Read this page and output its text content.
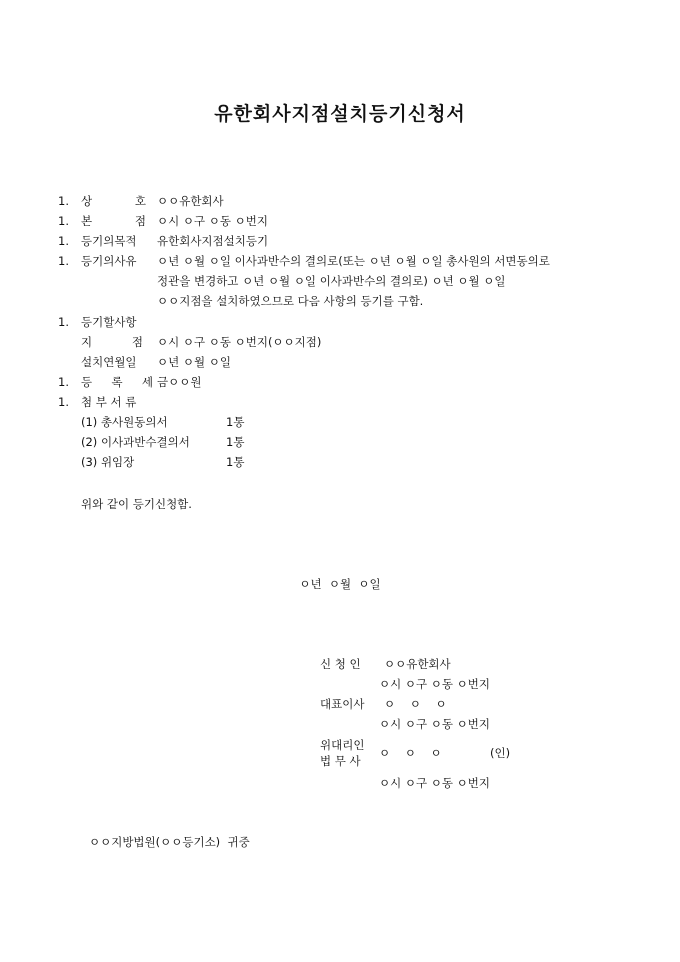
유한회사지점설치등기신청서
1. 상 호 ㅇㅇ유한회사
1. 본 점 ㅇ시 ㅇ구 ㅇ동 ㅇ번지
1. 등기의목적 유한회사지점설치등기
1. 등기의사유 ㅇ년 ㅇ월 ㅇ일 이사과반수의 결의로(또는 ㅇ년 ㅇ월 ㅇ일 총사원의 서면동의로
정관을 변경하고 ㅇ년 ㅇ월 ㅇ일 이사과반수의 결의로) ㅇ년 ㅇ월 ㅇ일
ㅇㅇ지점을 설치하였으므로 다음 사항의 등기를 구함.
1. 등기할사항
지 점 ㅇ시 ㅇ구 ㅇ동 ㅇ번지(ㅇㅇ지점)
설치연월일 ㅇ년 ㅇ월 ㅇ일
1. 등 록 세 금ㅇㅇ원
1. 첨 부 서 류
(1) 총사원동의서	1통
(2) 이사과반수결의서	1통
(3) 위임장	1통
위와 같이 등기신청함.
ㅇ년  ㅇ월  ㅇ일
신 청 인 ㅇㅇ유한회사
ㅇ시 ㅇ구 ㅇ동 ㅇ번지
대표이사 ㅇ    ㅇ    ㅇ
ㅇ시 ㅇ구 ㅇ동 ㅇ번지
위대리인
법 무 사
ㅇ    ㅇ    ㅇ	(인)
ㅇ시 ㅇ구 ㅇ동 ㅇ번지
ㅇㅇ지방법원(ㅇㅇ등기소)  귀중
